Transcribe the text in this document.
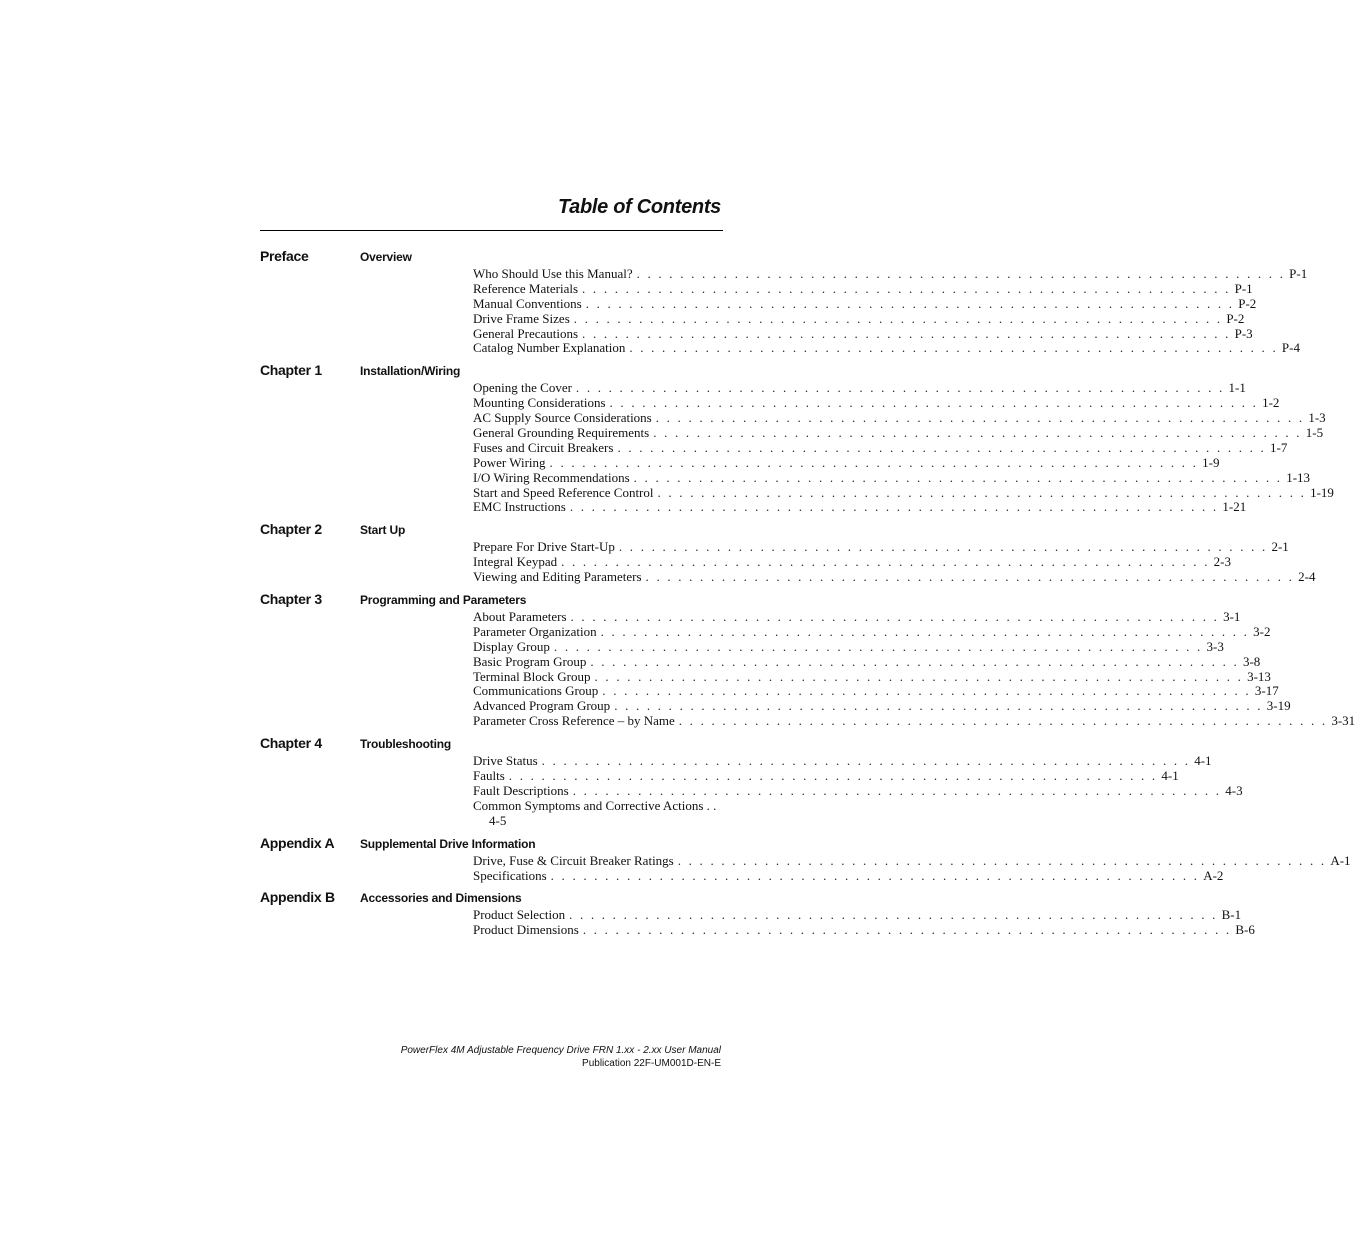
Table of Contents
Preface	Overview
Who Should Use this Manual? . . . . . . . . . . . . . . . . . . . . . . . . . . . . . . . . . . . . . . . . . . . . . . . . . . . . . . . . . . . . P-1
Reference Materials . . . . . . . . . . . . . . . . . . . . . . . . . . . . . . . . . . . . . . . . . . . . . . . . . . . . . . . . . . . . P-1
Manual Conventions . . . . . . . . . . . . . . . . . . . . . . . . . . . . . . . . . . . . . . . . . . . . . . . . . . . . . . . . . . . . P-2
Drive Frame Sizes . . . . . . . . . . . . . . . . . . . . . . . . . . . . . . . . . . . . . . . . . . . . . . . . . . . . . . . . . . . . P-2
General Precautions . . . . . . . . . . . . . . . . . . . . . . . . . . . . . . . . . . . . . . . . . . . . . . . . . . . . . . . . . . . . P-3
Catalog Number Explanation . . . . . . . . . . . . . . . . . . . . . . . . . . . . . . . . . . . . . . . . . . . . . . . . . . . . . . . . . . . . P-4
Chapter 1	Installation/Wiring
Opening the Cover . . . . . . . . . . . . . . . . . . . . . . . . . . . . . . . . . . . . . . . . . . . . . . . . . . . . . . . . . . . . 1-1
Mounting Considerations . . . . . . . . . . . . . . . . . . . . . . . . . . . . . . . . . . . . . . . . . . . . . . . . . . . . . . . . . . . . 1-2
AC Supply Source Considerations . . . . . . . . . . . . . . . . . . . . . . . . . . . . . . . . . . . . . . . . . . . . . . . . . . . . . . . . . . . . 1-3
General Grounding Requirements . . . . . . . . . . . . . . . . . . . . . . . . . . . . . . . . . . . . . . . . . . . . . . . . . . . . . . . . . . . . 1-5
Fuses and Circuit Breakers . . . . . . . . . . . . . . . . . . . . . . . . . . . . . . . . . . . . . . . . . . . . . . . . . . . . . . . . . . . . 1-7
Power Wiring . . . . . . . . . . . . . . . . . . . . . . . . . . . . . . . . . . . . . . . . . . . . . . . . . . . . . . . . . . . . 1-9
I/O Wiring Recommendations . . . . . . . . . . . . . . . . . . . . . . . . . . . . . . . . . . . . . . . . . . . . . . . . . . . . . . . . . . . . 1-13
Start and Speed Reference Control . . . . . . . . . . . . . . . . . . . . . . . . . . . . . . . . . . . . . . . . . . . . . . . . . . . . . . . . . . . . 1-19
EMC Instructions . . . . . . . . . . . . . . . . . . . . . . . . . . . . . . . . . . . . . . . . . . . . . . . . . . . . . . . . . . . . 1-21
Chapter 2	Start Up
Prepare For Drive Start-Up . . . . . . . . . . . . . . . . . . . . . . . . . . . . . . . . . . . . . . . . . . . . . . . . . . . . . . . . . . . . 2-1
Integral Keypad . . . . . . . . . . . . . . . . . . . . . . . . . . . . . . . . . . . . . . . . . . . . . . . . . . . . . . . . . . . . 2-3
Viewing and Editing Parameters . . . . . . . . . . . . . . . . . . . . . . . . . . . . . . . . . . . . . . . . . . . . . . . . . . . . . . . . . . . . 2-4
Chapter 3	Programming and Parameters
About Parameters . . . . . . . . . . . . . . . . . . . . . . . . . . . . . . . . . . . . . . . . . . . . . . . . . . . . . . . . . . . . 3-1
Parameter Organization . . . . . . . . . . . . . . . . . . . . . . . . . . . . . . . . . . . . . . . . . . . . . . . . . . . . . . . . . . . . 3-2
Display Group . . . . . . . . . . . . . . . . . . . . . . . . . . . . . . . . . . . . . . . . . . . . . . . . . . . . . . . . . . . . 3-3
Basic Program Group . . . . . . . . . . . . . . . . . . . . . . . . . . . . . . . . . . . . . . . . . . . . . . . . . . . . . . . . . . . . 3-8
Terminal Block Group . . . . . . . . . . . . . . . . . . . . . . . . . . . . . . . . . . . . . . . . . . . . . . . . . . . . . . . . . . . . 3-13
Communications Group . . . . . . . . . . . . . . . . . . . . . . . . . . . . . . . . . . . . . . . . . . . . . . . . . . . . . . . . . . . . 3-17
Advanced Program Group . . . . . . . . . . . . . . . . . . . . . . . . . . . . . . . . . . . . . . . . . . . . . . . . . . . . . . . . . . . . 3-19
Parameter Cross Reference – by Name . . . . . . . . . . . . . . . . . . . . . . . . . . . . . . . . . . . . . . . . . . . . . . . . . . . . . . . . . . . . 3-31
Chapter 4	Troubleshooting
Drive Status . . . . . . . . . . . . . . . . . . . . . . . . . . . . . . . . . . . . . . . . . . . . . . . . . . . . . . . . . . . . 4-1
Faults . . . . . . . . . . . . . . . . . . . . . . . . . . . . . . . . . . . . . . . . . . . . . . . . . . . . . . . . . . . . 4-1
Fault Descriptions . . . . . . . . . . . . . . . . . . . . . . . . . . . . . . . . . . . . . . . . . . . . . . . . . . . . . . . . . . . . 4-3
Common Symptoms and Corrective Actions . .
4-5
Appendix A	Supplemental Drive Information
Drive, Fuse & Circuit Breaker Ratings . . . . . . . . . . . . . . . . . . . . . . . . . . . . . . . . . . . . . . . . . . . . . . . . . . . . . . . . . . . . A-1
Specifications . . . . . . . . . . . . . . . . . . . . . . . . . . . . . . . . . . . . . . . . . . . . . . . . . . . . . . . . . . . . A-2
Appendix B	Accessories and Dimensions
Product Selection . . . . . . . . . . . . . . . . . . . . . . . . . . . . . . . . . . . . . . . . . . . . . . . . . . . . . . . . . . . . B-1
Product Dimensions . . . . . . . . . . . . . . . . . . . . . . . . . . . . . . . . . . . . . . . . . . . . . . . . . . . . . . . . . . . . B-6
PowerFlex 4M Adjustable Frequency Drive FRN 1.xx - 2.xx User Manual
Publication 22F-UM001D-EN-E
